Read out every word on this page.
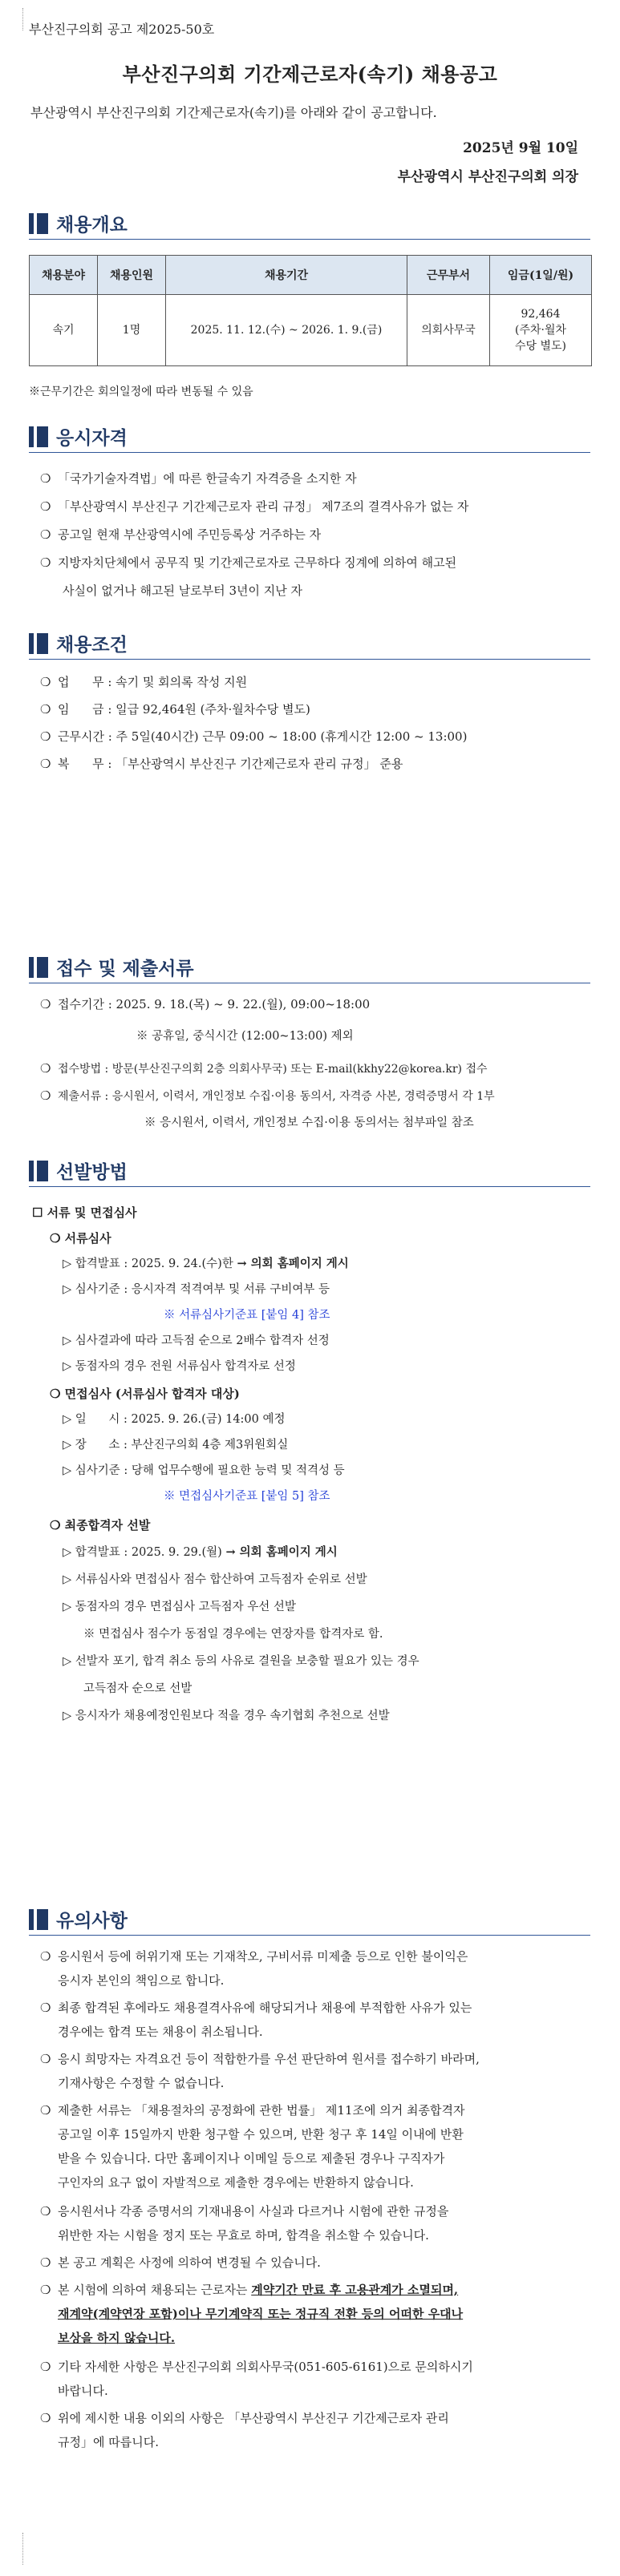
부산진구의회 공고 제2025-50호
부산진구의회 기간제근로자(속기) 채용공고
부산광역시 부산진구의회 기간제근로자(속기)를 아래와 같이 공고합니다.
2025년 9월 10일
부산광역시 부산진구의회 의장
채용개요
채용분야	채용인원	채용기간	근무부서	임금(1일/원)
속기	1명	2025. 11. 12.(수) ~ 2026. 1. 9.(금)	의회사무국	92,464
(주차·월차
수당 별도)
※근무기간은 회의일정에 따라 변동될 수 있음
응시자격
❍ 「국가기술자격법」에 따른 한글속기 자격증을 소지한 자
❍ 「부산광역시 부산진구 기간제근로자 관리 규정」 제7조의 결격사유가 없는 자
❍ 공고일 현재 부산광역시에 주민등록상 거주하는 자
❍ 지방자치단체에서 공무직 및 기간제근로자로 근무하다 징계에 의하여 해고된
사실이 없거나 해고된 날로부터 3년이 지난 자
채용조건
❍ 업      무 : 속기 및 회의록 작성 지원
❍ 임      금 : 일급 92,464원 (주차·월차수당 별도)
❍ 근무시간 : 주 5일(40시간) 근무 09:00 ~ 18:00 (휴게시간 12:00 ~ 13:00)
❍ 복      무 : 「부산광역시 부산진구 기간제근로자 관리 규정」 준용
접수 및 제출서류
❍ 접수기간 : 2025. 9. 18.(목) ~ 9. 22.(월), 09:00~18:00
※ 공휴일, 중식시간 (12:00~13:00) 제외
❍ 접수방법 : 방문(부산진구의회 2층 의회사무국) 또는 E-mail(kkhy22@korea.kr) 접수
❍ 제출서류 : 응시원서, 이력서, 개인정보 수집·이용 동의서, 자격증 사본, 경력증명서 각 1부
※ 응시원서, 이력서, 개인정보 수집·이용 동의서는 첨부파일 참조
선발방법
☐ 서류 및 면접심사
❍ 서류심사
▷ 합격발표 : 2025. 9. 24.(수)한 → 의회 홈페이지 게시
▷ 심사기준 : 응시자격 적격여부 및 서류 구비여부 등
※ 서류심사기준표 [붙임 4] 참조
▷ 심사결과에 따라 고득점 순으로 2배수 합격자 선정
▷ 동점자의 경우 전원 서류심사 합격자로 선정
❍ 면접심사 (서류심사 합격자 대상)
▷ 일      시 : 2025. 9. 26.(금) 14:00 예정
▷ 장      소 : 부산진구의회 4층 제3위원회실
▷ 심사기준 : 당해 업무수행에 필요한 능력 및 적격성 등
※ 면접심사기준표 [붙임 5] 참조
❍ 최종합격자 선발
▷ 합격발표 : 2025. 9. 29.(월) → 의회 홈페이지 게시
▷ 서류심사와 면접심사 점수 합산하여 고득점자 순위로 선발
▷ 동점자의 경우 면접심사 고득점자 우선 선발
※ 면접심사 점수가 동점일 경우에는 연장자를 합격자로 함.
▷ 선발자 포기, 합격 취소 등의 사유로 결원을 보충할 필요가 있는 경우
고득점자 순으로 선발
▷ 응시자가 채용예정인원보다 적을 경우 속기협회 추천으로 선발
유의사항
❍ 응시원서 등에 허위기재 또는 기재착오, 구비서류 미제출 등으로 인한 불이익은
응시자 본인의 책임으로 합니다.
❍ 최종 합격된 후에라도 채용결격사유에 해당되거나 채용에 부적합한 사유가 있는
경우에는 합격 또는 채용이 취소됩니다.
❍ 응시 희망자는 자격요건 등이 적합한가를 우선 판단하여 원서를 접수하기 바라며,
기재사항은 수정할 수 없습니다.
❍ 제출한 서류는 「채용절차의 공정화에 관한 법률」 제11조에 의거 최종합격자
공고일 이후 15일까지 반환 청구할 수 있으며, 반환 청구 후 14일 이내에 반환
받을 수 있습니다. 다만 홈페이지나 이메일 등으로 제출된 경우나 구직자가
구인자의 요구 없이 자발적으로 제출한 경우에는 반환하지 않습니다.
❍ 응시원서나 각종 증명서의 기재내용이 사실과 다르거나 시험에 관한 규정을
위반한 자는 시험을 정지 또는 무효로 하며, 합격을 취소할 수 있습니다.
❍ 본 공고 계획은 사정에 의하여 변경될 수 있습니다.
❍ 본 시험에 의하여 채용되는 근로자는 계약기간 만료 후 고용관계가 소멸되며,
재계약(계약연장 포함)이나 무기계약직 또는 정규직 전환 등의 어떠한 우대나
보상을 하지 않습니다.
❍ 기타 자세한 사항은 부산진구의회 의회사무국(051-605-6161)으로 문의하시기
바랍니다.
❍ 위에 제시한 내용 이외의 사항은 「부산광역시 부산진구 기간제근로자 관리
규정」에 따릅니다.
